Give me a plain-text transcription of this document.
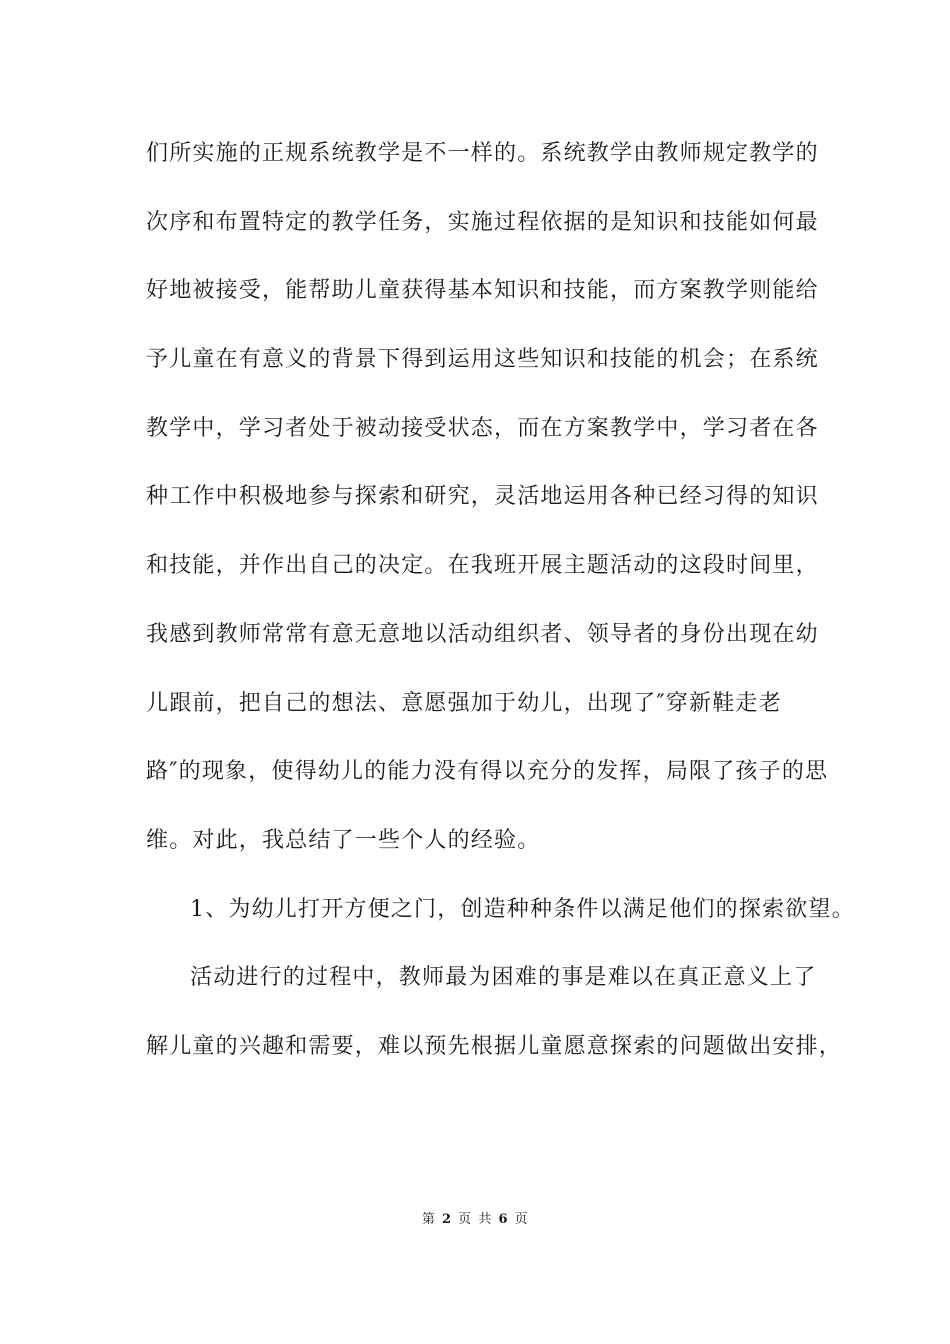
们所实施的正规系统教学是不一样的。系统教学由教师规定教学的
次序和布置特定的教学任务，实施过程依据的是知识和技能如何最
好地被接受，能帮助儿童获得基本知识和技能，而方案教学则能给
予儿童在有意义的背景下得到运用这些知识和技能的机会；在系统
教学中，学习者处于被动接受状态，而在方案教学中，学习者在各
种工作中积极地参与探索和研究，灵活地运用各种已经习得的知识
和技能，并作出自己的决定。在我班开展主题活动的这段时间里，
我感到教师常常有意无意地以活动组织者、领导者的身份出现在幼
儿跟前，把自己的想法、意愿强加于幼儿，出现了″穿新鞋走老
路″的现象，使得幼儿的能力没有得以充分的发挥，局限了孩子的思
维。对此，我总结了一些个人的经验。
1、为幼儿打开方便之门，创造种种条件以满足他们的探索欲望。
活动进行的过程中，教师最为困难的事是难以在真正意义上了
解儿童的兴趣和需要，难以预先根据儿童愿意探索的问题做出安排，
第 2 页 共 6 页
